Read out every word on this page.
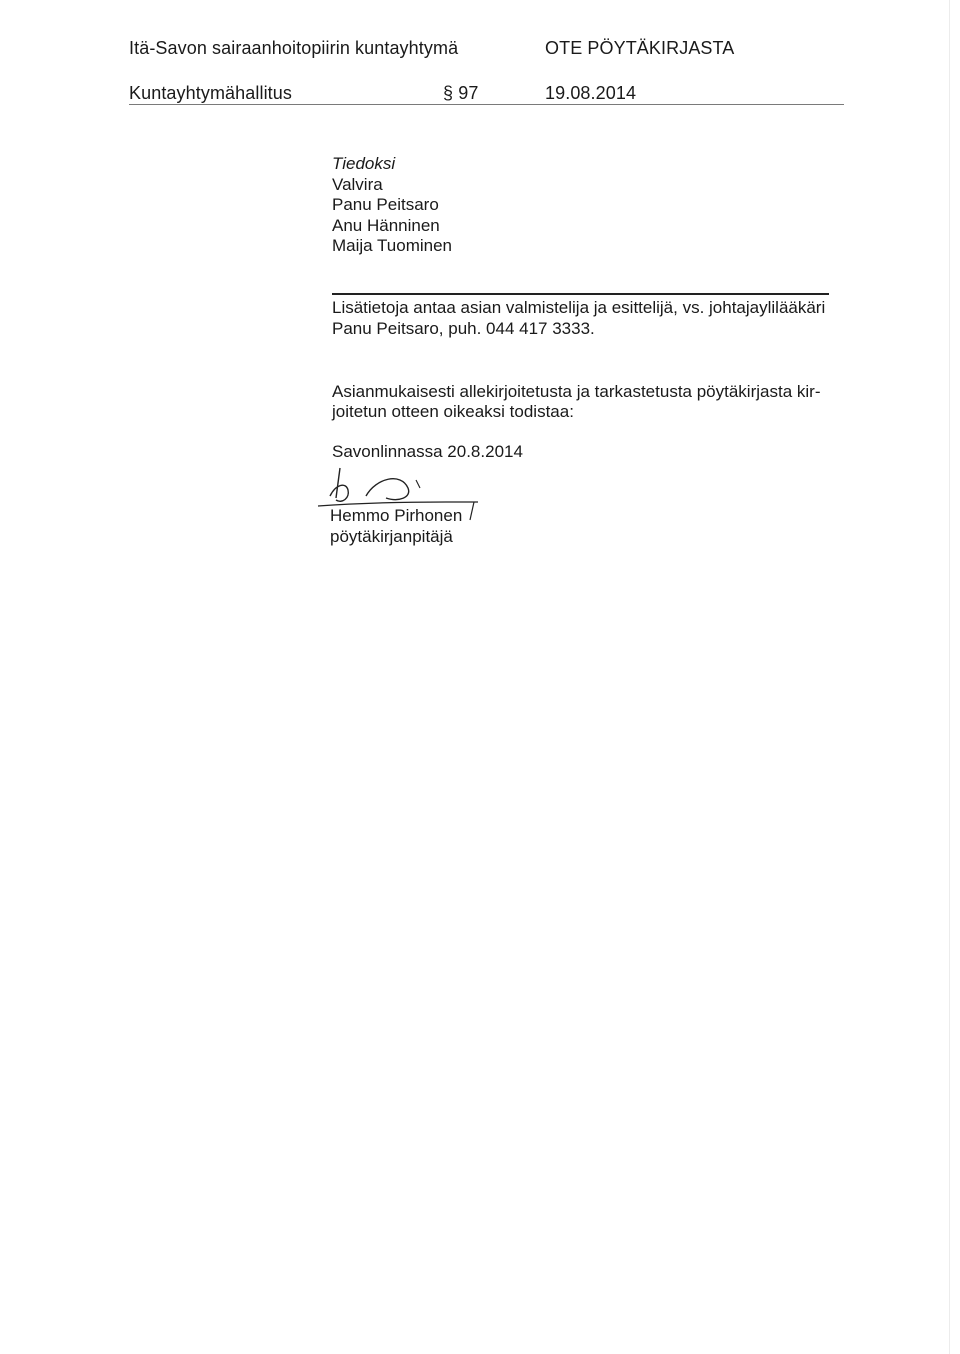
Itä-Savon sairaanhoitopiirin kuntayhtymä	OTE PÖYTÄKIRJASTA
Kuntayhtymähallitus	§ 97	19.08.2014
Tiedoksi
Valvira
Panu Peitsaro
Anu Hänninen
Maija Tuominen
Lisätietoja antaa asian valmistelija ja esittelijä, vs. johtajaylilääkäri
Panu Peitsaro, puh. 044 417 3333.
Asianmukaisesti allekirjoitetusta ja tarkastetusta pöytäkirjasta kir-
joitetun otteen oikeaksi todistaa:
Savonlinnassa 20.8.2014
Hemmo Pirhonen
pöytäkirjanpitäjä
